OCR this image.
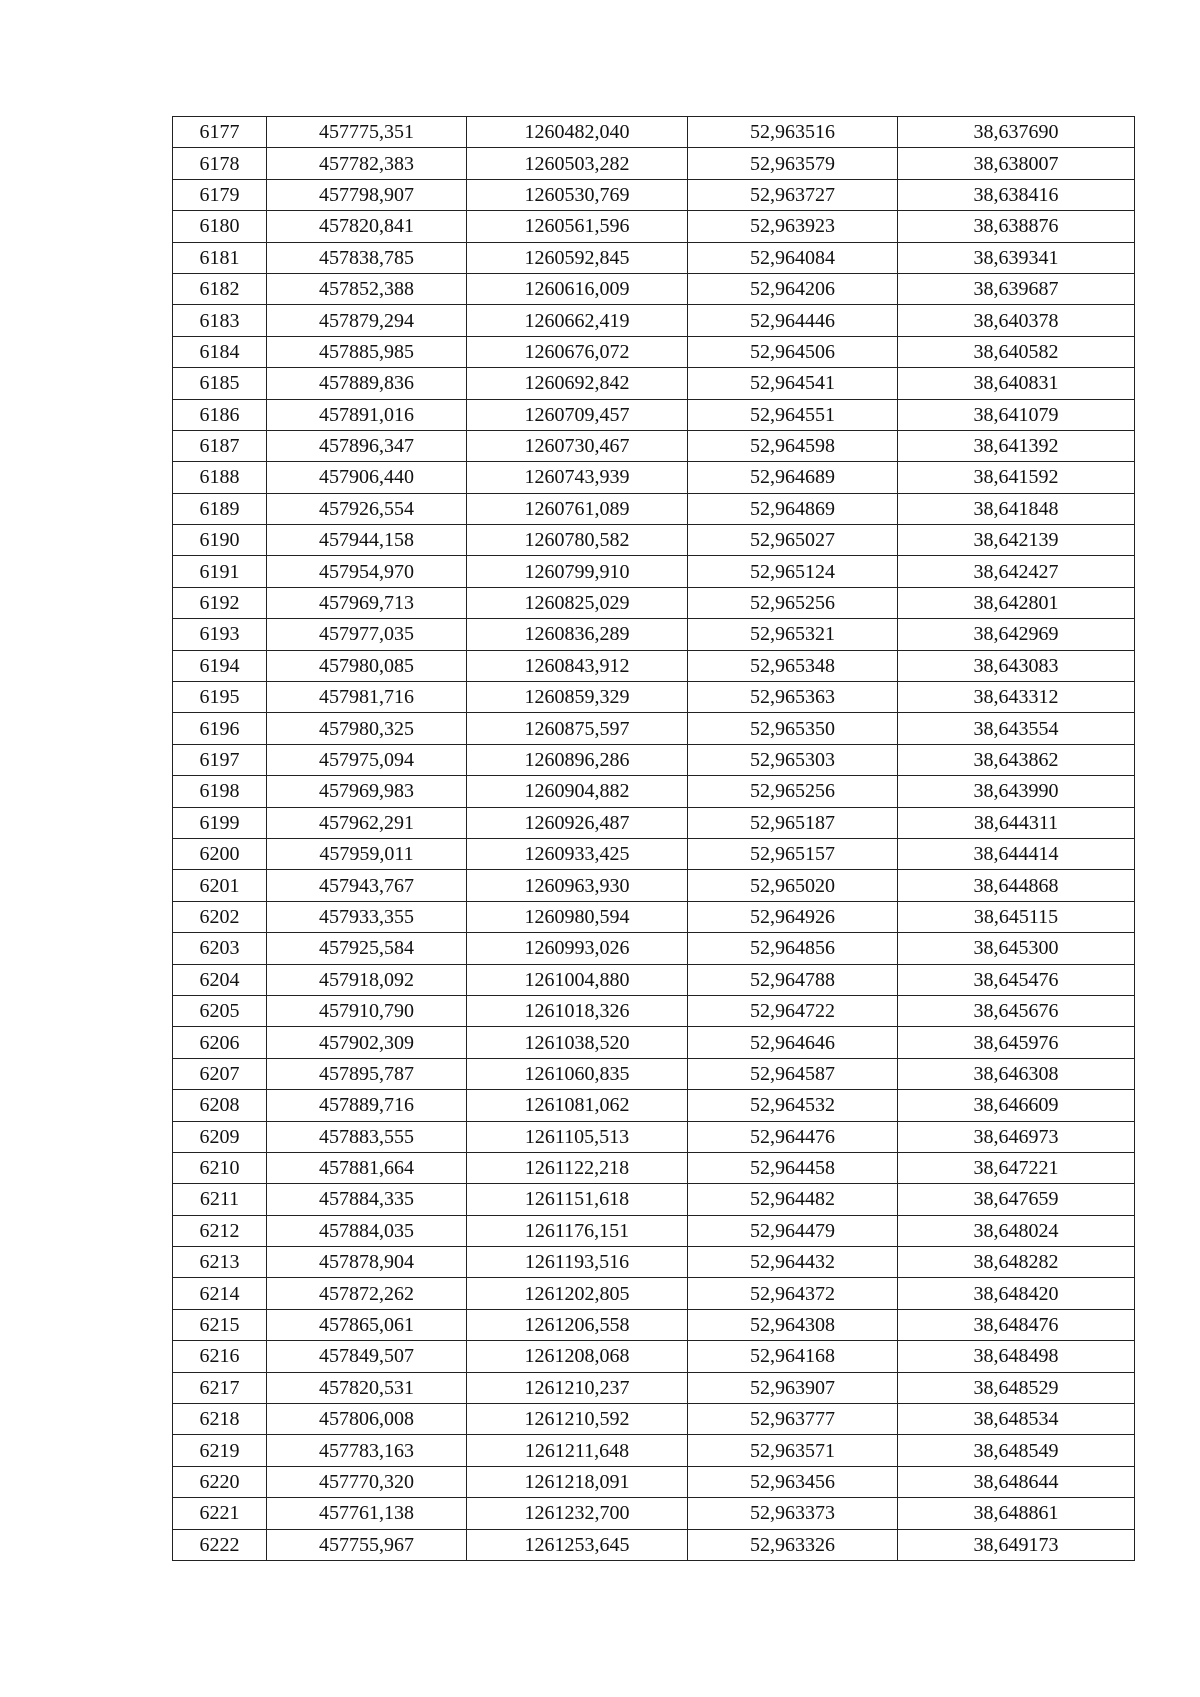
6177	457775,351	1260482,040	52,963516	38,637690
6178	457782,383	1260503,282	52,963579	38,638007
6179	457798,907	1260530,769	52,963727	38,638416
6180	457820,841	1260561,596	52,963923	38,638876
6181	457838,785	1260592,845	52,964084	38,639341
6182	457852,388	1260616,009	52,964206	38,639687
6183	457879,294	1260662,419	52,964446	38,640378
6184	457885,985	1260676,072	52,964506	38,640582
6185	457889,836	1260692,842	52,964541	38,640831
6186	457891,016	1260709,457	52,964551	38,641079
6187	457896,347	1260730,467	52,964598	38,641392
6188	457906,440	1260743,939	52,964689	38,641592
6189	457926,554	1260761,089	52,964869	38,641848
6190	457944,158	1260780,582	52,965027	38,642139
6191	457954,970	1260799,910	52,965124	38,642427
6192	457969,713	1260825,029	52,965256	38,642801
6193	457977,035	1260836,289	52,965321	38,642969
6194	457980,085	1260843,912	52,965348	38,643083
6195	457981,716	1260859,329	52,965363	38,643312
6196	457980,325	1260875,597	52,965350	38,643554
6197	457975,094	1260896,286	52,965303	38,643862
6198	457969,983	1260904,882	52,965256	38,643990
6199	457962,291	1260926,487	52,965187	38,644311
6200	457959,011	1260933,425	52,965157	38,644414
6201	457943,767	1260963,930	52,965020	38,644868
6202	457933,355	1260980,594	52,964926	38,645115
6203	457925,584	1260993,026	52,964856	38,645300
6204	457918,092	1261004,880	52,964788	38,645476
6205	457910,790	1261018,326	52,964722	38,645676
6206	457902,309	1261038,520	52,964646	38,645976
6207	457895,787	1261060,835	52,964587	38,646308
6208	457889,716	1261081,062	52,964532	38,646609
6209	457883,555	1261105,513	52,964476	38,646973
6210	457881,664	1261122,218	52,964458	38,647221
6211	457884,335	1261151,618	52,964482	38,647659
6212	457884,035	1261176,151	52,964479	38,648024
6213	457878,904	1261193,516	52,964432	38,648282
6214	457872,262	1261202,805	52,964372	38,648420
6215	457865,061	1261206,558	52,964308	38,648476
6216	457849,507	1261208,068	52,964168	38,648498
6217	457820,531	1261210,237	52,963907	38,648529
6218	457806,008	1261210,592	52,963777	38,648534
6219	457783,163	1261211,648	52,963571	38,648549
6220	457770,320	1261218,091	52,963456	38,648644
6221	457761,138	1261232,700	52,963373	38,648861
6222	457755,967	1261253,645	52,963326	38,649173
